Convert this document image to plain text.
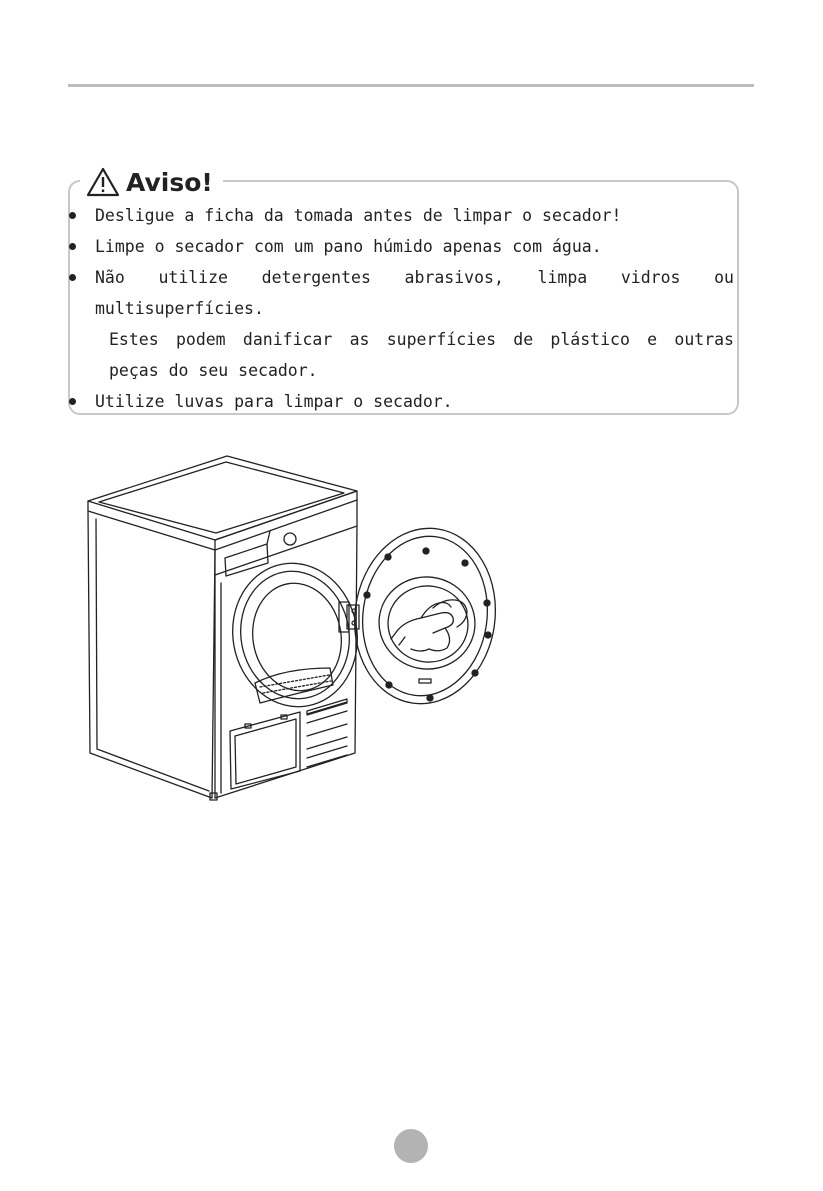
Aviso!
Desligue a ficha da tomada antes de limpar o secador!
Limpe o secador com um pano húmido apenas com água.
Não utilize detergentes abrasivos, limpa vidros ou multisuperfícies.
Estes podem danificar as superfícies de plástico e outras peças do seu secador.
Utilize luvas para limpar o secador.
